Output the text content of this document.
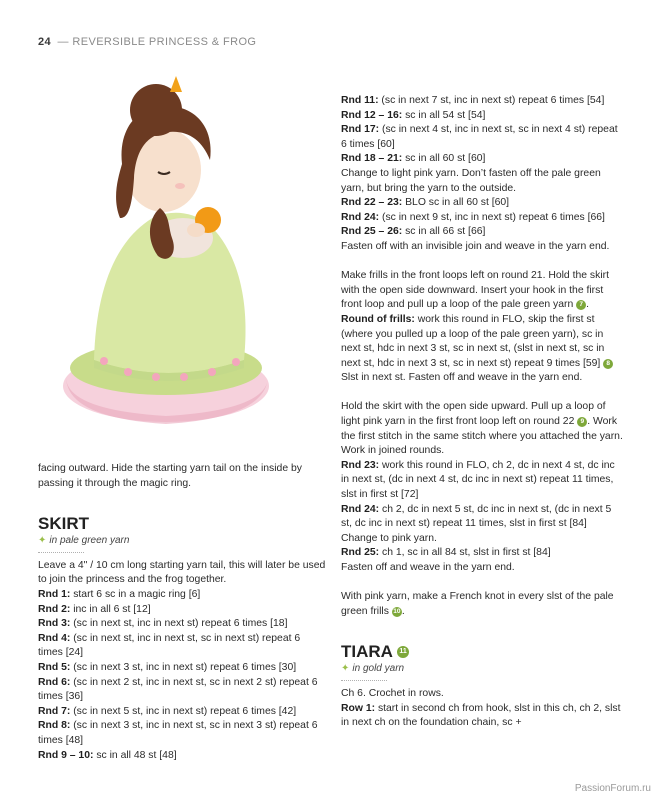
24 — REVERSIBLE PRINCESS & FROG

facing outward. Hide the starting yarn tail on the inside by passing it through the magic ring.

SKIRT

✦ in pale green yarn

Leave a 4" / 10 cm long starting yarn tail, this will later be used to join the princess and the frog together.

Rnd 1: start 6 sc in a magic ring [6]

Rnd 2: inc in all 6 st [12]

Rnd 3: (sc in next st, inc in next st) repeat 6 times [18]

Rnd 4: (sc in next st, inc in next st, sc in next st) repeat 6 times [24]

Rnd 5: (sc in next 3 st, inc in next st) repeat 6 times [30]

Rnd 6: (sc in next 2 st, inc in next st, sc in next 2 st) repeat 6 times [36]

Rnd 7: (sc in next 5 st, inc in next st) repeat 6 times [42]

Rnd 8: (sc in next 3 st, inc in next st, sc in next 3 st) repeat 6 times [48]

Rnd 9 – 10: sc in all 48 st [48]

Rnd 11: (sc in next 7 st, inc in next st) repeat 6 times [54]

Rnd 12 – 16: sc in all 54 st [54]

Rnd 17: (sc in next 4 st, inc in next st, sc in next 4 st) repeat 6 times [60]

Rnd 18 – 21: sc in all 60 st [60]

Change to light pink yarn. Don’t fasten off the pale green yarn, but bring the yarn to the outside.

Rnd 22 – 23: BLO sc in all 60 st [60]

Rnd 24: (sc in next 9 st, inc in next st) repeat 6 times [66]

Rnd 25 – 26: sc in all 66 st [66]

Fasten off with an invisible join and weave in the yarn end.

Make frills in the front loops left on round 21. Hold the skirt with the open side downward. Insert your hook in the first front loop and pull up a loop of the pale green yarn 7 .

Round of frills: work this round in FLO, skip the first st (where you pulled up a loop of the pale green yarn), sc in next st, hdc in next 3 st, sc in next st, (slst in next st, sc in next st, hdc in next 3 st, sc in next st) repeat 9 times [59] 8

Slst in next st. Fasten off and weave in the yarn end.

Hold the skirt with the open side upward. Pull up a loop of light pink yarn in the first front loop left on round 22 9 . Work the first stitch in the same stitch where you attached the yarn. Work in joined rounds.

Rnd 23: work this round in FLO, ch 2, dc in next 4 st, dc inc in next st, (dc in next 4 st, dc inc in next st) repeat 11 times, slst in first st [72]

Rnd 24: ch 2, dc in next 5 st, dc inc in next st, (dc in next 5 st, dc inc in next st) repeat 11 times, slst in first st [84]

Change to pink yarn.

Rnd 25: ch 1, sc in all 84 st, slst in first st [84]

Fasten off and weave in the yarn end.

With pink yarn, make a French knot in every slst of the pale green frills 10.

TIARA 11

✦ in gold yarn

Ch 6. Crochet in rows.

Row 1: start in second ch from hook, slst in this ch, ch 2, slst in next ch on the foundation chain, sc +

PassionForum.ru
